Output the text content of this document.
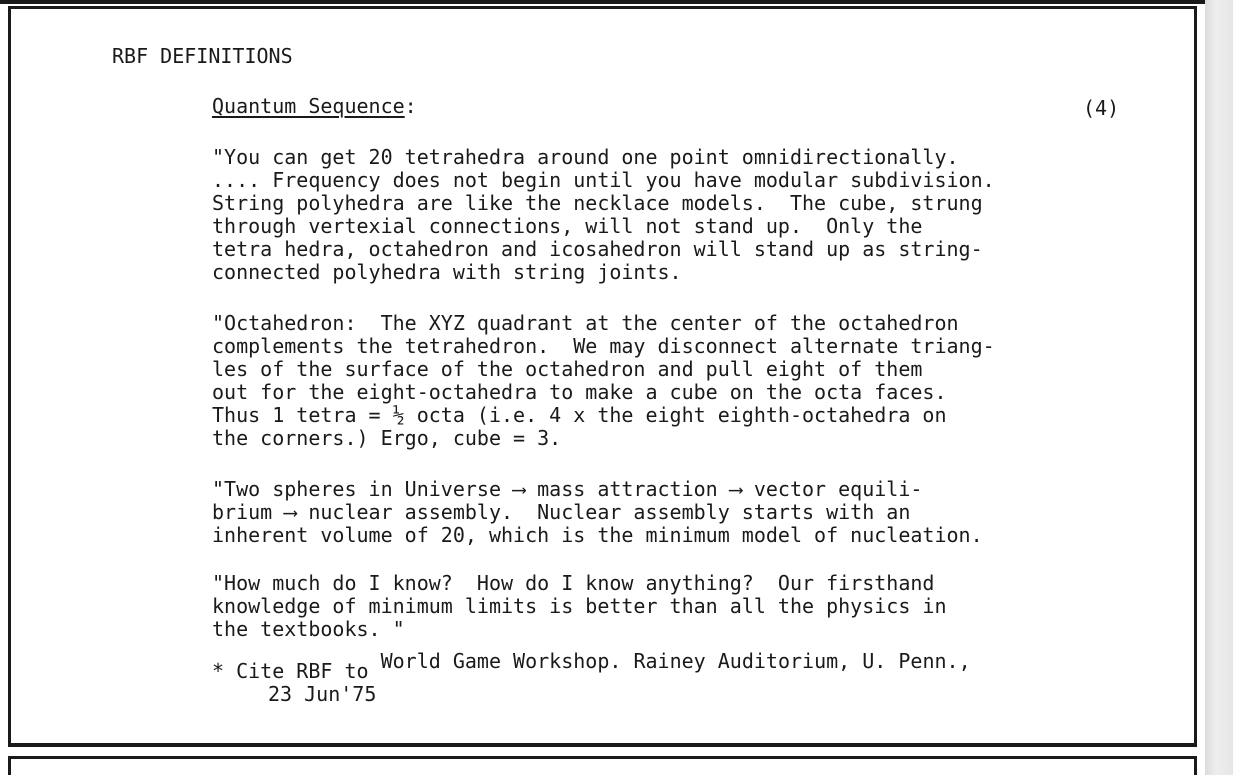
RBF DEFINITIONS
Quantum Sequence:	(4)
"You can get 20 tetrahedra around one point omnidirectionally.
.... Frequency does not begin until you have modular subdivision.
String polyhedra are like the necklace models.  The cube, strung
through vertexial connections, will not stand up.  Only the
tetra hedra, octahedron and icosahedron will stand up as string-
connected polyhedra with string joints.
"Octahedron:  The XYZ quadrant at the center of the octahedron
complements the tetrahedron.  We may disconnect alternate triang-
les of the surface of the octahedron and pull eight of them
out for the eight-octahedra to make a cube on the octa faces.
Thus 1 tetra = ½ octa (i.e. 4 x the eight eighth-octahedra on
the corners.) Ergo, cube = 3.
"Two spheres in Universe ⟶ mass attraction ⟶ vector equili-
brium ⟶ nuclear assembly.  Nuclear assembly starts with an
inherent volume of 20, which is the minimum model of nucleation.
"How much do I know?  How do I know anything?  Our firsthand
knowledge of minimum limits is better than all the physics in
the textbooks. "
* Cite RBF to World Game Workshop. Rainey Auditorium, U. Penn.,
23 Jun'75
